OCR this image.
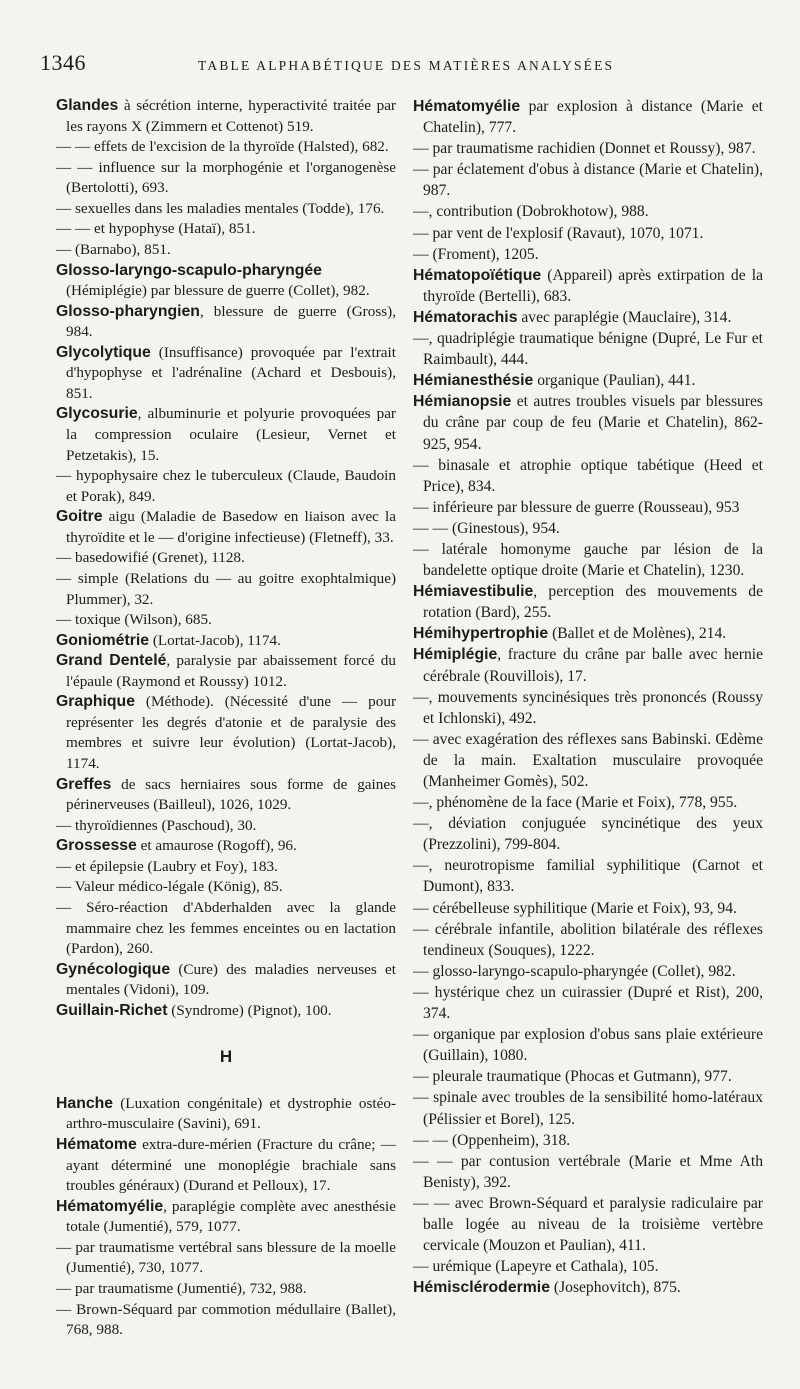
1346	TABLE ALPHABÉTIQUE DES MATIÈRES ANALYSÉES

Glandes à sécrétion interne, hyperactivité traitée par les rayons X (Zimmern et Cottenot) 519.

— — effets de l'excision de la thyroïde (Halsted), 682.

— — influence sur la morphogénie et l'organogenèse (Bertolotti), 693.

— sexuelles dans les maladies mentales (Todde), 176.

— — et hypophyse (Hataï), 851.

— (Barnabo), 851.

Glosso-laryngo-scapulo-pharyngée (Hémiplégie) par blessure de guerre (Collet), 982.

Glosso-pharyngien, blessure de guerre (Gross), 984.

Glycolytique (Insuffisance) provoquée par l'extrait d'hypophyse et l'adrénaline (Achard et Desbouis), 851.

Glycosurie, albuminurie et polyurie provoquées par la compression oculaire (Lesieur, Vernet et Petzetakis), 15.

— hypophysaire chez le tuberculeux (Claude, Baudoin et Porak), 849.

Goitre aigu (Maladie de Basedow en liaison avec la thyroïdite et le — d'origine infectieuse) (Fletneff), 33.

— basedowifié (Grenet), 1128.

— simple (Relations du — au goitre exophtalmique) Plummer), 32.

— toxique (Wilson), 685.

Goniométrie (Lortat-Jacob), 1174.

Grand Dentelé, paralysie par abaissement forcé du l'épaule (Raymond et Roussy) 1012.

Graphique (Méthode). (Nécessité d'une — pour représenter les degrés d'atonie et de paralysie des membres et suivre leur évolution) (Lortat-Jacob), 1174.

Greffes de sacs herniaires sous forme de gaines périnerveuses (Bailleul), 1026, 1029.

— thyroïdiennes (Paschoud), 30.

Grossesse et amaurose (Rogoff), 96.

— et épilepsie (Laubry et Foy), 183.

— Valeur médico-légale (König), 85.

— Séro-réaction d'Abderhalden avec la glande mammaire chez les femmes enceintes ou en lactation (Pardon), 260.

Gynécologique (Cure) des maladies nerveuses et mentales (Vidoni), 109.

Guillain-Richet (Syndrome) (Pignot), 100.

H

Hanche (Luxation congénitale) et dystrophie ostéo-arthro-musculaire (Savini), 691.

Hématome extra-dure-mérien (Fracture du crâne; — ayant déterminé une monoplégie brachiale sans troubles généraux) (Durand et Pelloux), 17.

Hématomyélie, paraplégie complète avec anesthésie totale (Jumentié), 579, 1077.

— par traumatisme vertébral sans blessure de la moelle (Jumentié), 730, 1077.

— par traumatisme (Jumentié), 732, 988.

— Brown-Séquard par commotion médullaire (Ballet), 768, 988.

Hématomyélie par explosion à distance (Marie et Chatelin), 777.

— par traumatisme rachidien (Donnet et Roussy), 987.

— par éclatement d'obus à distance (Marie et Chatelin), 987.

—, contribution (Dobrokhotow), 988.

— par vent de l'explosif (Ravaut), 1070, 1071.

— (Froment), 1205.

Hématopoïétique (Appareil) après extirpation de la thyroïde (Bertelli), 683.

Hématorachis avec paraplégie (Mauclaire), 314.

—, quadriplégie traumatique bénigne (Dupré, Le Fur et Raimbault), 444.

Hémianesthésie organique (Paulian), 441.

Hémianopsie et autres troubles visuels par blessures du crâne par coup de feu (Marie et Chatelin), 862-925, 954.

— binasale et atrophie optique tabétique (Heed et Price), 834.

— inférieure par blessure de guerre (Rousseau), 953

— — (Ginestous), 954.

— latérale homonyme gauche par lésion de la bandelette optique droite (Marie et Chatelin), 1230.

Hémiavestibulie, perception des mouvements de rotation (Bard), 255.

Hémihypertrophie (Ballet et de Molènes), 214.

Hémiplégie, fracture du crâne par balle avec hernie cérébrale (Rouvillois), 17.

—, mouvements syncinésiques très prononcés (Roussy et Ichlonski), 492.

— avec exagération des réflexes sans Babinski. Œdème de la main. Exaltation musculaire provoquée (Manheimer Gomès), 502.

—, phénomène de la face (Marie et Foix), 778, 955.

—, déviation conjuguée syncinétique des yeux (Prezzolini), 799-804.

—, neurotropisme familial syphilitique (Carnot et Dumont), 833.

— cérébelleuse syphilitique (Marie et Foix), 93, 94.

— cérébrale infantile, abolition bilatérale des réflexes tendineux (Souques), 1222.

— glosso-laryngo-scapulo-pharyngée (Collet), 982.

— hystérique chez un cuirassier (Dupré et Rist), 200, 374.

— organique par explosion d'obus sans plaie extérieure (Guillain), 1080.

— pleurale traumatique (Phocas et Gutmann), 977.

— spinale avec troubles de la sensibilité homo-latéraux (Pélissier et Borel), 125.

— — (Oppenheim), 318.

— — par contusion vertébrale (Marie et Mme Ath Benisty), 392.

— — avec Brown-Séquard et paralysie radiculaire par balle logée au niveau de la troisième vertèbre cervicale (Mouzon et Paulian), 411.

— urémique (Lapeyre et Cathala), 105.

Hémisclérodermie (Josephovitch), 875.
